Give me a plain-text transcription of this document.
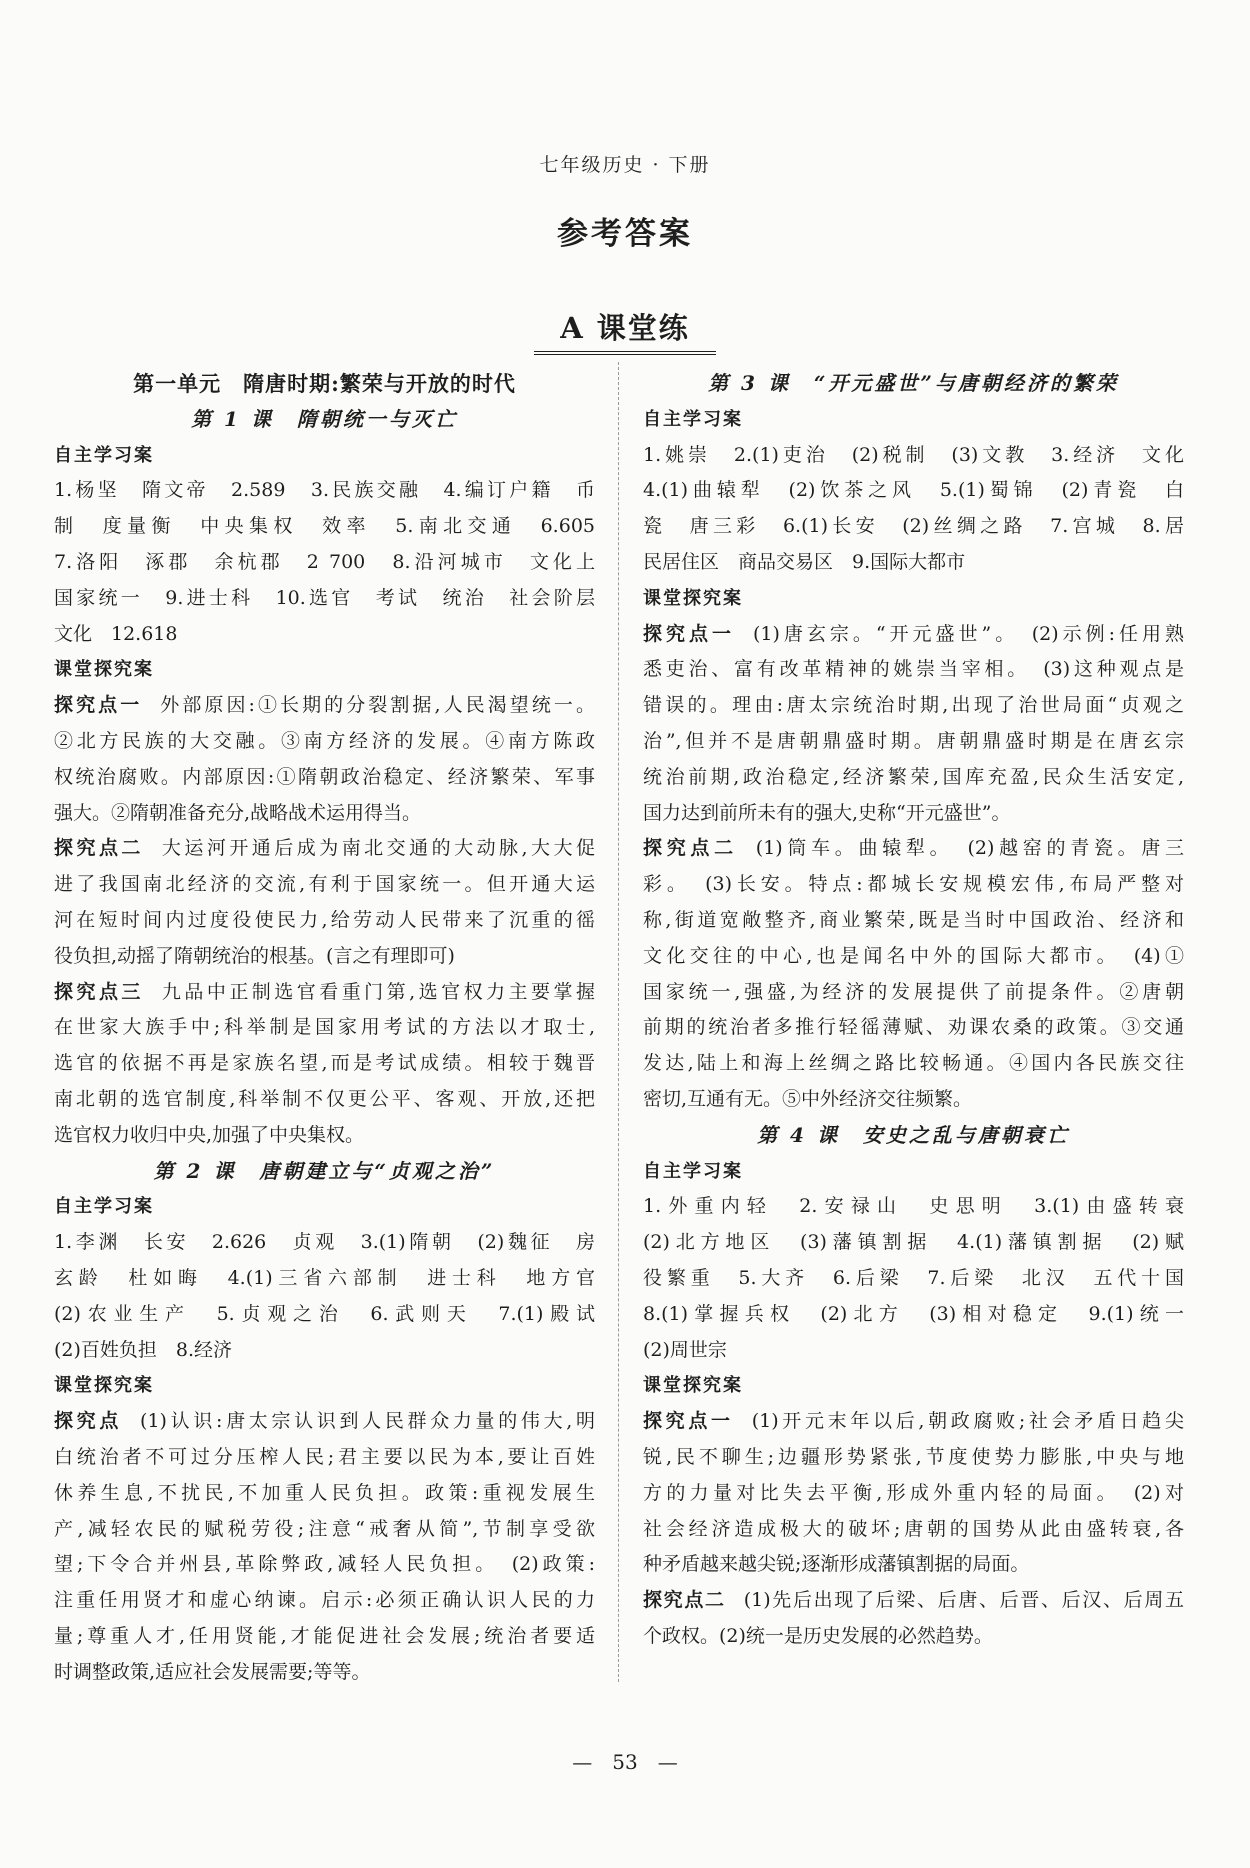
七年级历史 · 下册
参考答案
A 课堂练
第一单元　隋唐时期:繁荣与开放的时代
第 1 课　隋朝统一与灭亡
自主学习案
1.杨坚　隋文帝　2.589　3.民族交融　4.编订户籍　币
制　度量衡　中央集权　效率　5.南北交通　6.605
7.洛阳　涿郡　余杭郡　2 700　8.沿河城市　文化上
国家统一　9.进士科　10.选官　考试　统治　社会阶层
文化　12.618
课堂探究案
探究点一 外部原因:①长期的分裂割据,人民渴望统一。
②北方民族的大交融。③南方经济的发展。④南方陈政
权统治腐败。内部原因:①隋朝政治稳定、经济繁荣、军事
强大。②隋朝准备充分,战略战术运用得当。
探究点二 大运河开通后成为南北交通的大动脉,大大促
进了我国南北经济的交流,有利于国家统一。但开通大运
河在短时间内过度役使民力,给劳动人民带来了沉重的徭
役负担,动摇了隋朝统治的根基。(言之有理即可)
探究点三 九品中正制选官看重门第,选官权力主要掌握
在世家大族手中;科举制是国家用考试的方法以才取士,
选官的依据不再是家族名望,而是考试成绩。相较于魏晋
南北朝的选官制度,科举制不仅更公平、客观、开放,还把
选官权力收归中央,加强了中央集权。
第 2 课　唐朝建立与“贞观之治”
自主学习案
1.李渊　长安　2.626　贞观　3.(1)隋朝　(2)魏征　房
玄龄　杜如晦　4.(1)三省六部制　进士科　地方官
(2)农业生产　5.贞观之治　6.武则天　7.(1)殿试
(2)百姓负担　8.经济
课堂探究案
探究点 (1)认识:唐太宗认识到人民群众力量的伟大,明
白统治者不可过分压榨人民;君主要以民为本,要让百姓
休养生息,不扰民,不加重人民负担。政策:重视发展生
产,减轻农民的赋税劳役;注意“戒奢从简”,节制享受欲
望;下令合并州县,革除弊政,减轻人民负担。　(2)政策:
注重任用贤才和虚心纳谏。启示:必须正确认识人民的力
量;尊重人才,任用贤能,才能促进社会发展;统治者要适
时调整政策,适应社会发展需要;等等。
第 3 课　“开元盛世”与唐朝经济的繁荣
自主学习案
1.姚崇　2.(1)吏治　(2)税制　(3)文教　3.经济　文化
4.(1)曲辕犁　(2)饮茶之风　5.(1)蜀锦　(2)青瓷　白
瓷　唐三彩　6.(1)长安　(2)丝绸之路　7.宫城　8.居
民居住区　商品交易区　9.国际大都市
课堂探究案
探究点一 (1)唐玄宗。“开元盛世”。　(2)示例:任用熟
悉吏治、富有改革精神的姚崇当宰相。　(3)这种观点是
错误的。理由:唐太宗统治时期,出现了治世局面“贞观之
治”,但并不是唐朝鼎盛时期。唐朝鼎盛时期是在唐玄宗
统治前期,政治稳定,经济繁荣,国库充盈,民众生活安定,
国力达到前所未有的强大,史称“开元盛世”。
探究点二 (1)筒车。曲辕犁。　(2)越窑的青瓷。唐三
彩。　(3)长安。特点:都城长安规模宏伟,布局严整对
称,街道宽敞整齐,商业繁荣,既是当时中国政治、经济和
文化交往的中心,也是闻名中外的国际大都市。　(4)①
国家统一,强盛,为经济的发展提供了前提条件。②唐朝
前期的统治者多推行轻徭薄赋、劝课农桑的政策。③交通
发达,陆上和海上丝绸之路比较畅通。④国内各民族交往
密切,互通有无。⑤中外经济交往频繁。
第 4 课　安史之乱与唐朝衰亡
自主学习案
1.外重内轻　2.安禄山　史思明　3.(1)由盛转衰
(2)北方地区　(3)藩镇割据　4.(1)藩镇割据　(2)赋
役繁重　5.大齐　6.后梁　7.后梁　北汉　五代十国
8.(1)掌握兵权　(2)北方　(3)相对稳定　9.(1)统一
(2)周世宗
课堂探究案
探究点一 (1)开元末年以后,朝政腐败;社会矛盾日趋尖
锐,民不聊生;边疆形势紧张,节度使势力膨胀,中央与地
方的力量对比失去平衡,形成外重内轻的局面。　(2)对
社会经济造成极大的破坏;唐朝的国势从此由盛转衰,各
种矛盾越来越尖锐;逐渐形成藩镇割据的局面。
探究点二 (1)先后出现了后梁、后唐、后晋、后汉、后周五
个政权。(2)统一是历史发展的必然趋势。
—　53　—
